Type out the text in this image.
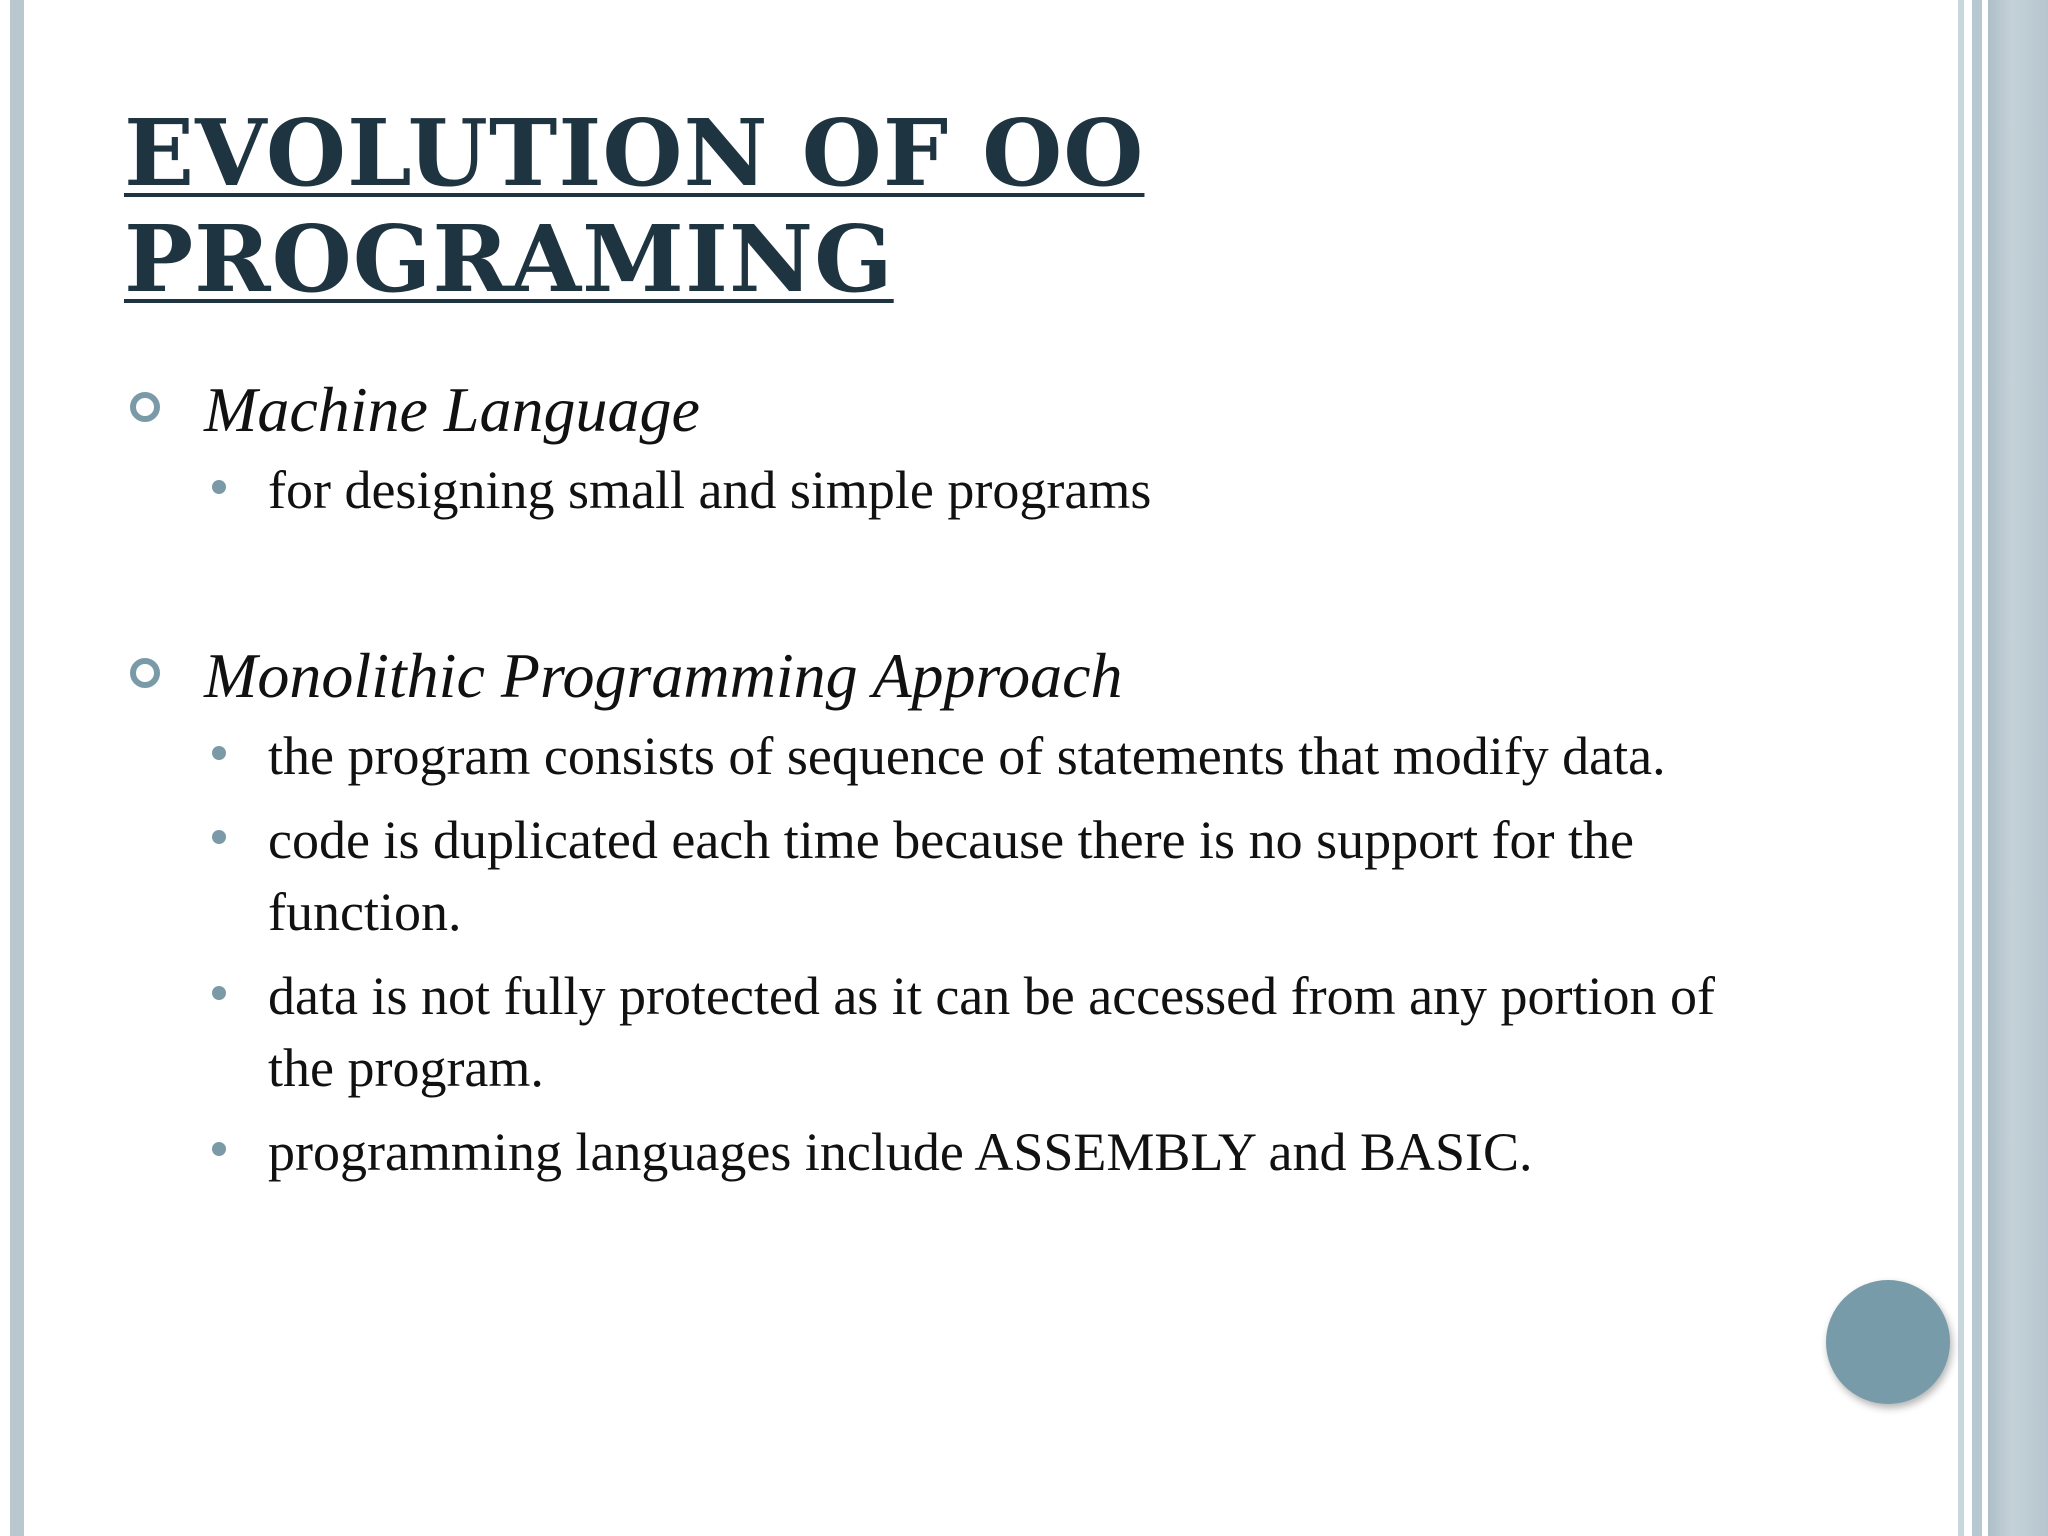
EVOLUTION OF OO
PROGRAMING
Machine Language
for designing small and simple programs
Monolithic Programming Approach
the program consists of sequence of statements that modify data.
code is duplicated each time because there is no support for the function.
data is not fully protected as it can be accessed from any portion of the program.
programming languages include ASSEMBLY and BASIC.
